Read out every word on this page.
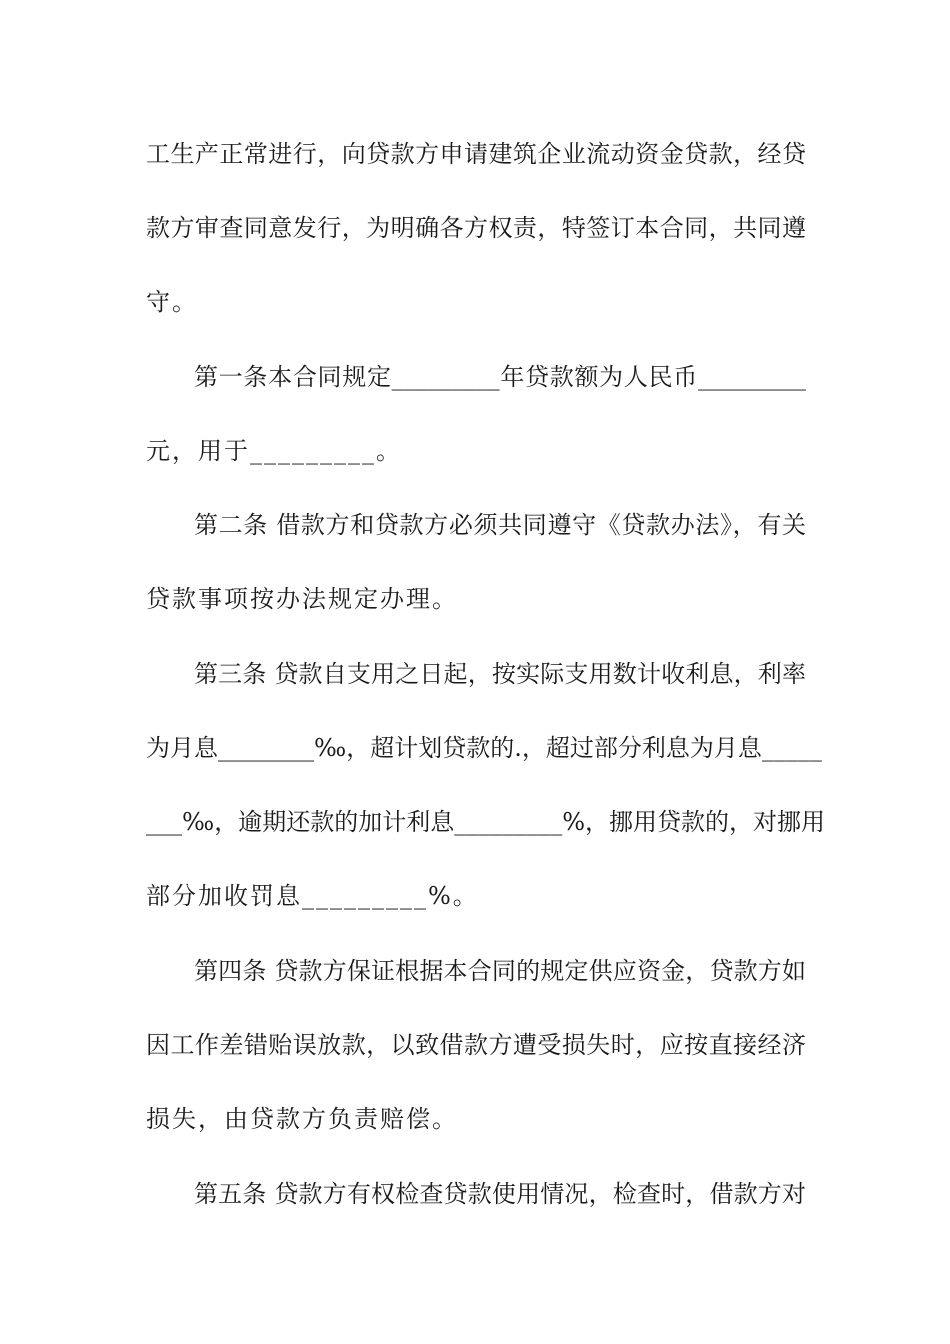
工生产正常进行，向贷款方申请建筑企业流动资金贷款，经贷
款方审查同意发行，为明确各方权责，特签订本合同，共同遵
守。
第一条本合同规定_________年贷款额为人民币_________
元，用于_________。
第二条 借款方和贷款方必须共同遵守《贷款办法》，有关
贷款事项按办法规定办理。
第三条 贷款自支用之日起，按实际支用数计收利息，利率
为月息________‰，超计划贷款的.，超过部分利息为月息_____
___‰，逾期还款的加计利息_________%，挪用贷款的，对挪用
部分加收罚息_________%。
第四条 贷款方保证根据本合同的规定供应资金，贷款方如
因工作差错贻误放款，以致借款方遭受损失时，应按直接经济
损失，由贷款方负责赔偿。
第五条 贷款方有权检查贷款使用情况，检查时，借款方对
